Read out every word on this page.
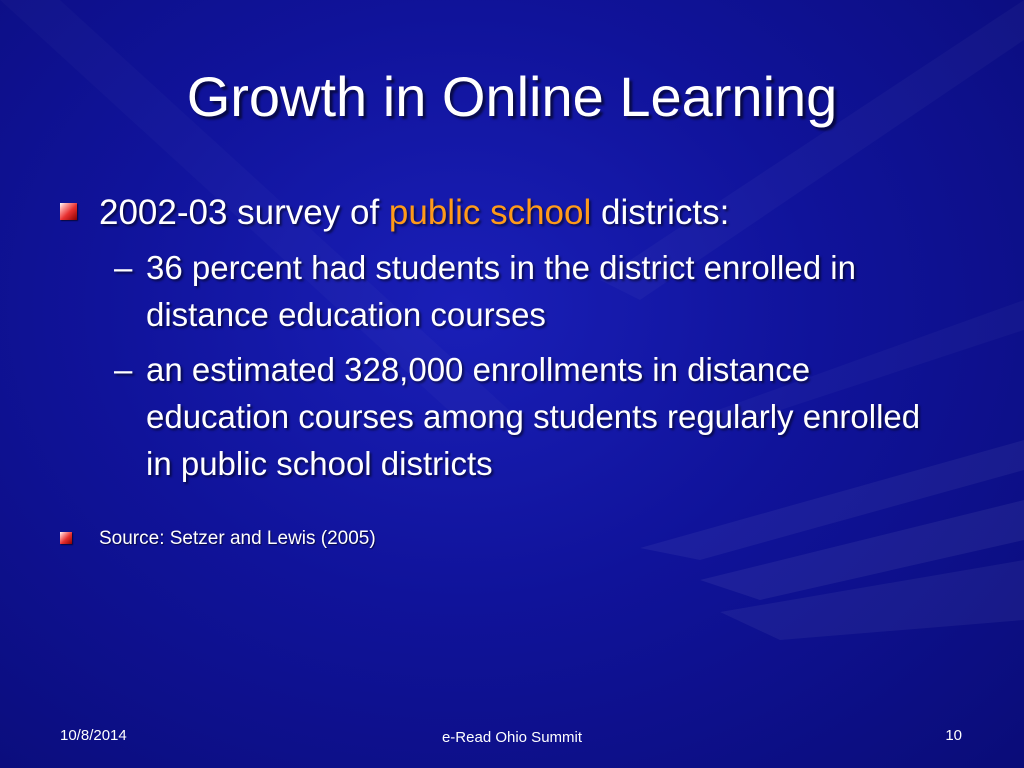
Growth in Online Learning
2002-03 survey of public school districts:
– 36 percent had students in the district enrolled in distance education courses
– an estimated 328,000 enrollments in distance education courses among students regularly enrolled in public school districts
Source: Setzer and Lewis (2005)
10/8/2014	e-Read Ohio Summit	10
